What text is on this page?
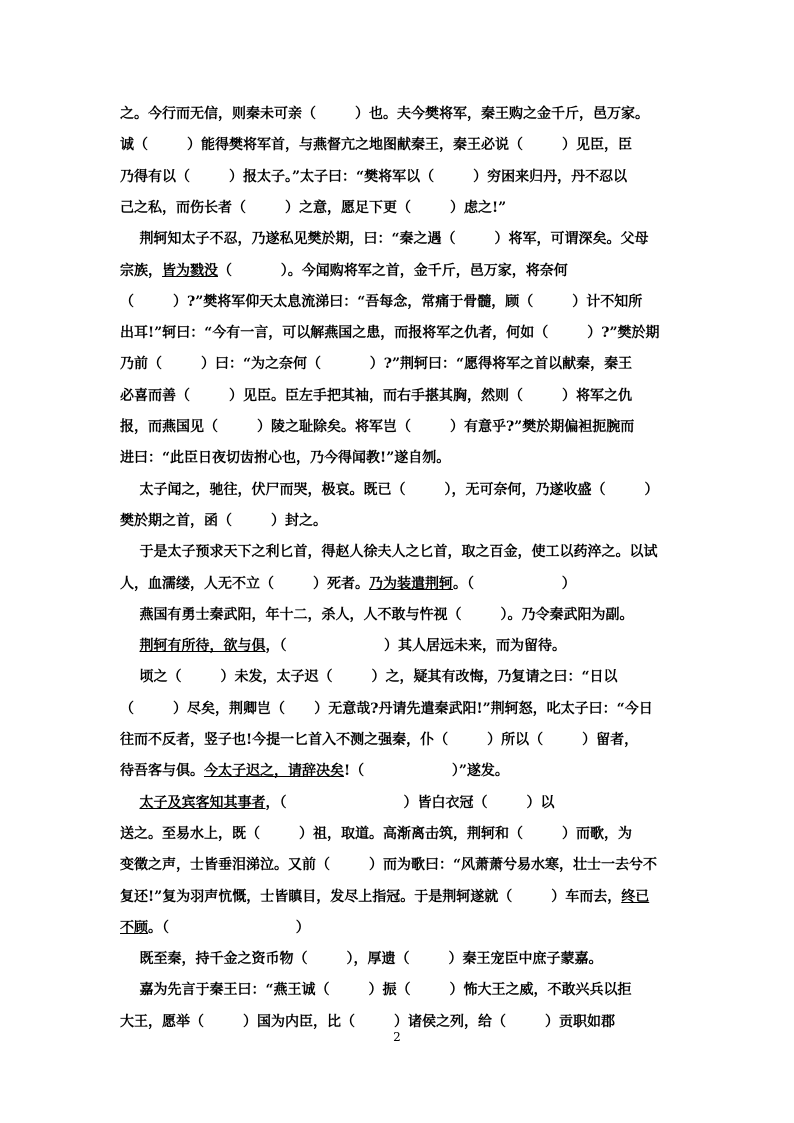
之。今行而无信，则秦未可亲（        ）也。夫今樊将军，秦王购之金千斤，邑万家。
诚（        ）能得樊将军首，与燕督亢之地图献秦王，秦王必说（        ）见臣，臣
乃得有以（        ）报太子。”太子曰：“樊将军以（        ）穷困来归丹，丹不忍以
己之私，而伤长者（        ）之意，愿足下更（        ）虑之!”
荆轲知太子不忍，乃遂私见樊於期，曰：“秦之遇（        ）将军，可谓深矣。父母
宗族，皆为戮没（          ）。今闻购将军之首，金千斤，邑万家，将奈何
（        ）?”樊将军仰天太息流涕曰：“吾每念，常痛于骨髓，顾（        ）计不知所
出耳!”轲曰：“今有一言，可以解燕国之患，而报将军之仇者，何如（        ）?”樊於期
乃前（        ）曰：“为之奈何（          ）?”荆轲曰：“愿得将军之首以献秦，秦王
必喜而善（        ）见臣。臣左手把其袖，而右手揕其胸，然则（        ）将军之仇
报，而燕国见（        ）陵之耻除矣。将军岂（        ）有意乎?”樊於期偏袒扼腕而
进曰：“此臣日夜切齿拊心也，乃今得闻教!”遂自刎。
太子闻之，驰往，伏尸而哭，极哀。既已（        ），无可奈何，乃遂收盛（        ）
樊於期之首，函（        ）封之。
于是太子预求天下之利匕首，得赵人徐夫人之匕首，取之百金，使工以药淬之。以试
人，血濡缕，人无不立（        ）死者。乃为装遣荆轲。（                  ）
燕国有勇士秦武阳，年十二，杀人，人不敢与忤视（        ）。乃令秦武阳为副。
荆轲有所待，欲与俱，（                    ）其人居远未来，而为留待。
顷之（        ）未发，太子迟（        ）之，疑其有改悔，乃复请之曰：“日以
（        ）尽矣，荆卿岂（      ）无意哉?丹请先遣秦武阳!”荆轲怒，叱太子曰：“今日
往而不反者，竖子也!今提一匕首入不测之强秦，仆（        ）所以（        ）留者，
待吾客与俱。今太子迟之，请辞决矣!（                  ）”遂发。
太子及宾客知其事者，（                        ）皆白衣冠（        ）以
送之。至易水上，既（        ）祖，取道。高渐离击筑，荆轲和（        ）而歌，为
变徵之声，士皆垂泪涕泣。又前（        ）而为歌曰：“风萧萧兮易水寒，壮士一去兮不
复还!”复为羽声忼慨，士皆瞋目，发尽上指冠。于是荆轲遂就（        ）车而去，终已
不顾。（                          ）
既至秦，持千金之资币物（        ），厚遗（        ）秦王宠臣中庶子蒙嘉。
嘉为先言于秦王曰：“燕王诚（        ）振（        ）怖大王之威，不敢兴兵以拒
大王，愿举（        ）国为内臣，比（        ）诸侯之列，给（        ）贡职如郡
2
